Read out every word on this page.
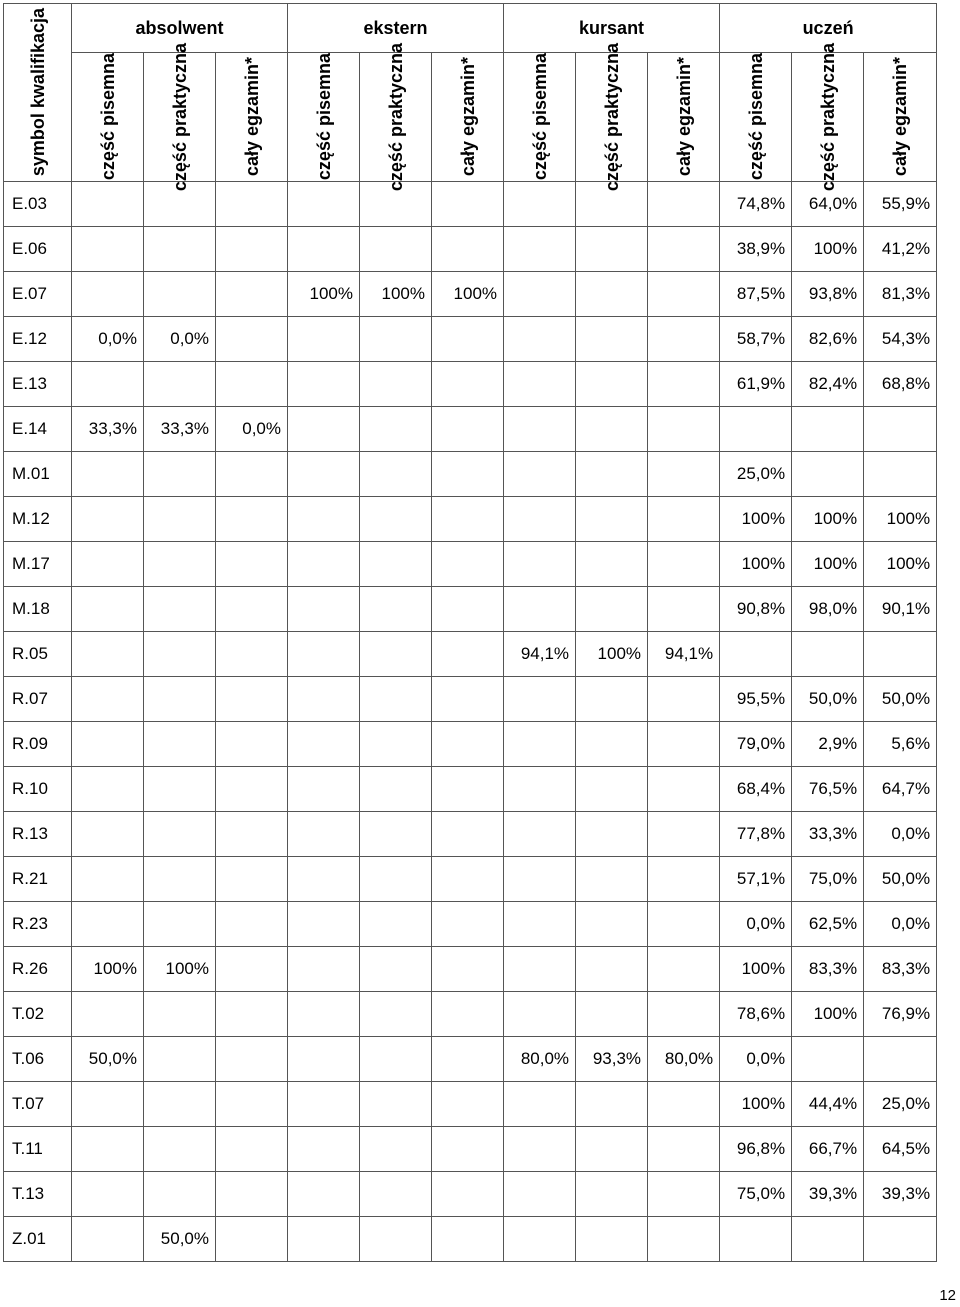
symbol kwalifikacja	absolwent			ekstern			kursant			uczeń		

	część pisemna	część praktyczna	cały egzamin*	część pisemna	część praktyczna	cały egzamin*	część pisemna	część praktyczna	cały egzamin*	część pisemna	część praktyczna	cały egzamin*

E.03										74,8%	64,0%	55,9%
E.06										38,9%	100%	41,2%
E.07				100%	100%	100%				87,5%	93,8%	81,3%
E.12	0,0%	0,0%								58,7%	82,6%	54,3%
E.13										61,9%	82,4%	68,8%
E.14	33,3%	33,3%	0,0%									
M.01										25,0%		
M.12										100%	100%	100%
M.17										100%	100%	100%
M.18										90,8%	98,0%	90,1%
R.05							94,1%	100%	94,1%			
R.07										95,5%	50,0%	50,0%
R.09										79,0%	2,9%	5,6%
R.10										68,4%	76,5%	64,7%
R.13										77,8%	33,3%	0,0%
R.21										57,1%	75,0%	50,0%
R.23										0,0%	62,5%	0,0%
R.26	100%	100%								100%	83,3%	83,3%
T.02										78,6%	100%	76,9%
T.06	50,0%						80,0%	93,3%	80,0%	0,0%		
T.07										100%	44,4%	25,0%
T.11										96,8%	66,7%	64,5%
T.13										75,0%	39,3%	39,3%
Z.01		50,0%										
12
